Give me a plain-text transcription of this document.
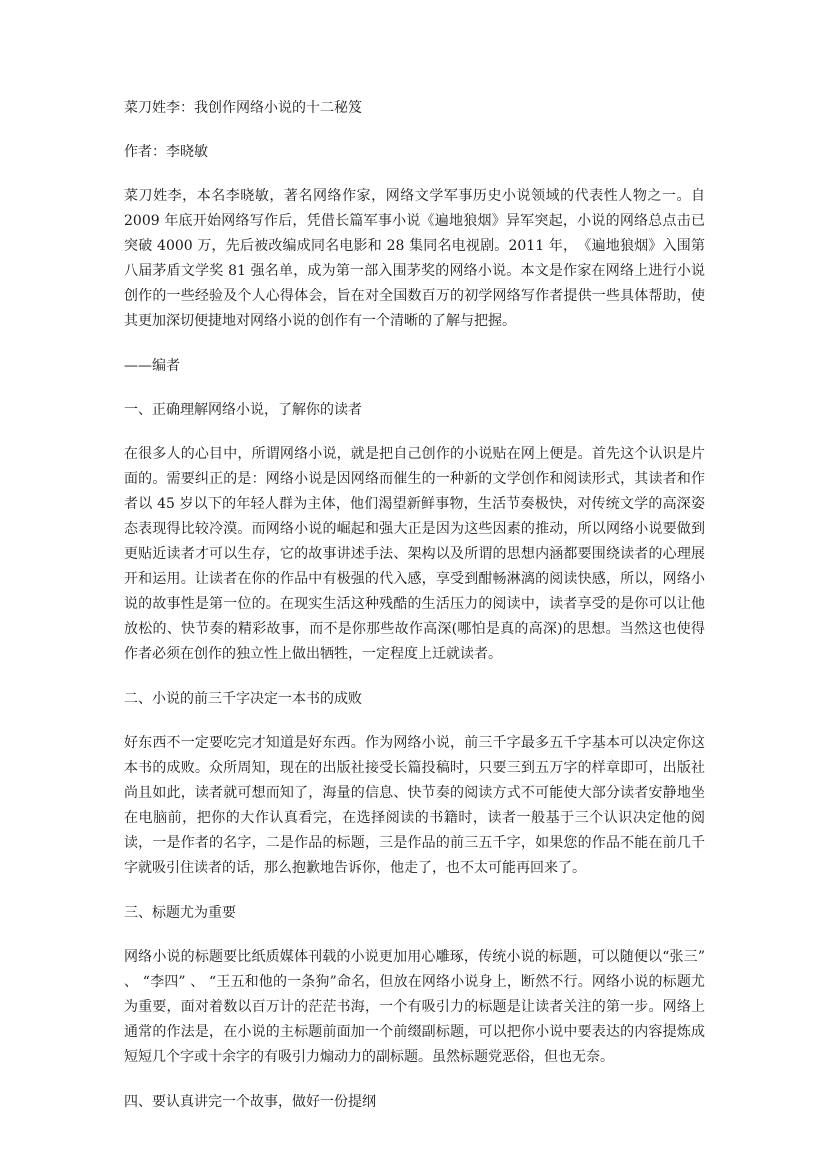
菜刀姓李：我创作网络小说的十二秘笈

作者：李晓敏

菜刀姓李，本名李晓敏，著名网络作家，网络文学军事历史小说领域的代表性人物之一。自 2009 年底开始网络写作后，凭借长篇军事小说《遍地狼烟》异军突起，小说的网络总点击已突破 4000 万，先后被改编成同名电影和 28 集同名电视剧。2011 年，　《遍地狼烟》入围第八届茅盾文学奖 81 强名单，成为第一部入围茅奖的网络小说。本文是作家在网络上进行小说创作的一些经验及个人心得体会，旨在对全国数百万的初学网络写作者提供一些具体帮助，使其更加深切便捷地对网络小说的创作有一个清晰的了解与把握。

——编者

一、正确理解网络小说，了解你的读者

在很多人的心目中，所谓网络小说，就是把自己创作的小说贴在网上便是。首先这个认识是片面的。需要纠正的是：网络小说是因网络而催生的一种新的文学创作和阅读形式，其读者和作者以 45 岁以下的年轻人群为主体，他们渴望新鲜事物，生活节奏极快，对传统文学的高深姿态表现得比较冷漠。而网络小说的崛起和强大正是因为这些因素的推动，所以网络小说要做到更贴近读者才可以生存，它的故事讲述手法、架构以及所谓的思想内涵都要围绕读者的心理展开和运用。让读者在你的作品中有极强的代入感，享受到酣畅淋漓的阅读快感，所以，网络小说的故事性是第一位的。在现实生活这种残酷的生活压力的阅读中，读者享受的是你可以让他放松的、快节奏的精彩故事，而不是你那些故作高深(哪怕是真的高深)的思想。当然这也使得作者必须在创作的独立性上做出牺牲，一定程度上迁就读者。

二、小说的前三千字决定一本书的成败

好东西不一定要吃完才知道是好东西。作为网络小说，前三千字最多五千字基本可以决定你这本书的成败。众所周知，现在的出版社接受长篇投稿时，只要三到五万字的样章即可，出版社尚且如此，读者就可想而知了，海量的信息、快节奏的阅读方式不可能使大部分读者安静地坐在电脑前，把你的大作认真看完，在选择阅读的书籍时，读者一般基于三个认识决定他的阅读，一是作者的名字，二是作品的标题，三是作品的前三五千字，如果您的作品不能在前几千字就吸引住读者的话，那么抱歉地告诉你，他走了，也不太可能再回来了。

三、标题尤为重要

网络小说的标题要比纸质媒体刊载的小说更加用心雕琢，传统小说的标题，可以随便以“张三” 、 “李四” 、 “王五和他的一条狗”命名，但放在网络小说身上，断然不行。网络小说的标题尤为重要，面对着数以百万计的茫茫书海，一个有吸引力的标题是让读者关注的第一步。网络上通常的作法是，在小说的主标题前面加一个前缀副标题，可以把你小说中要表达的内容提炼成短短几个字或十余字的有吸引力煽动力的副标题。虽然标题党恶俗，但也无奈。

四、要认真讲完一个故事，做好一份提纲
